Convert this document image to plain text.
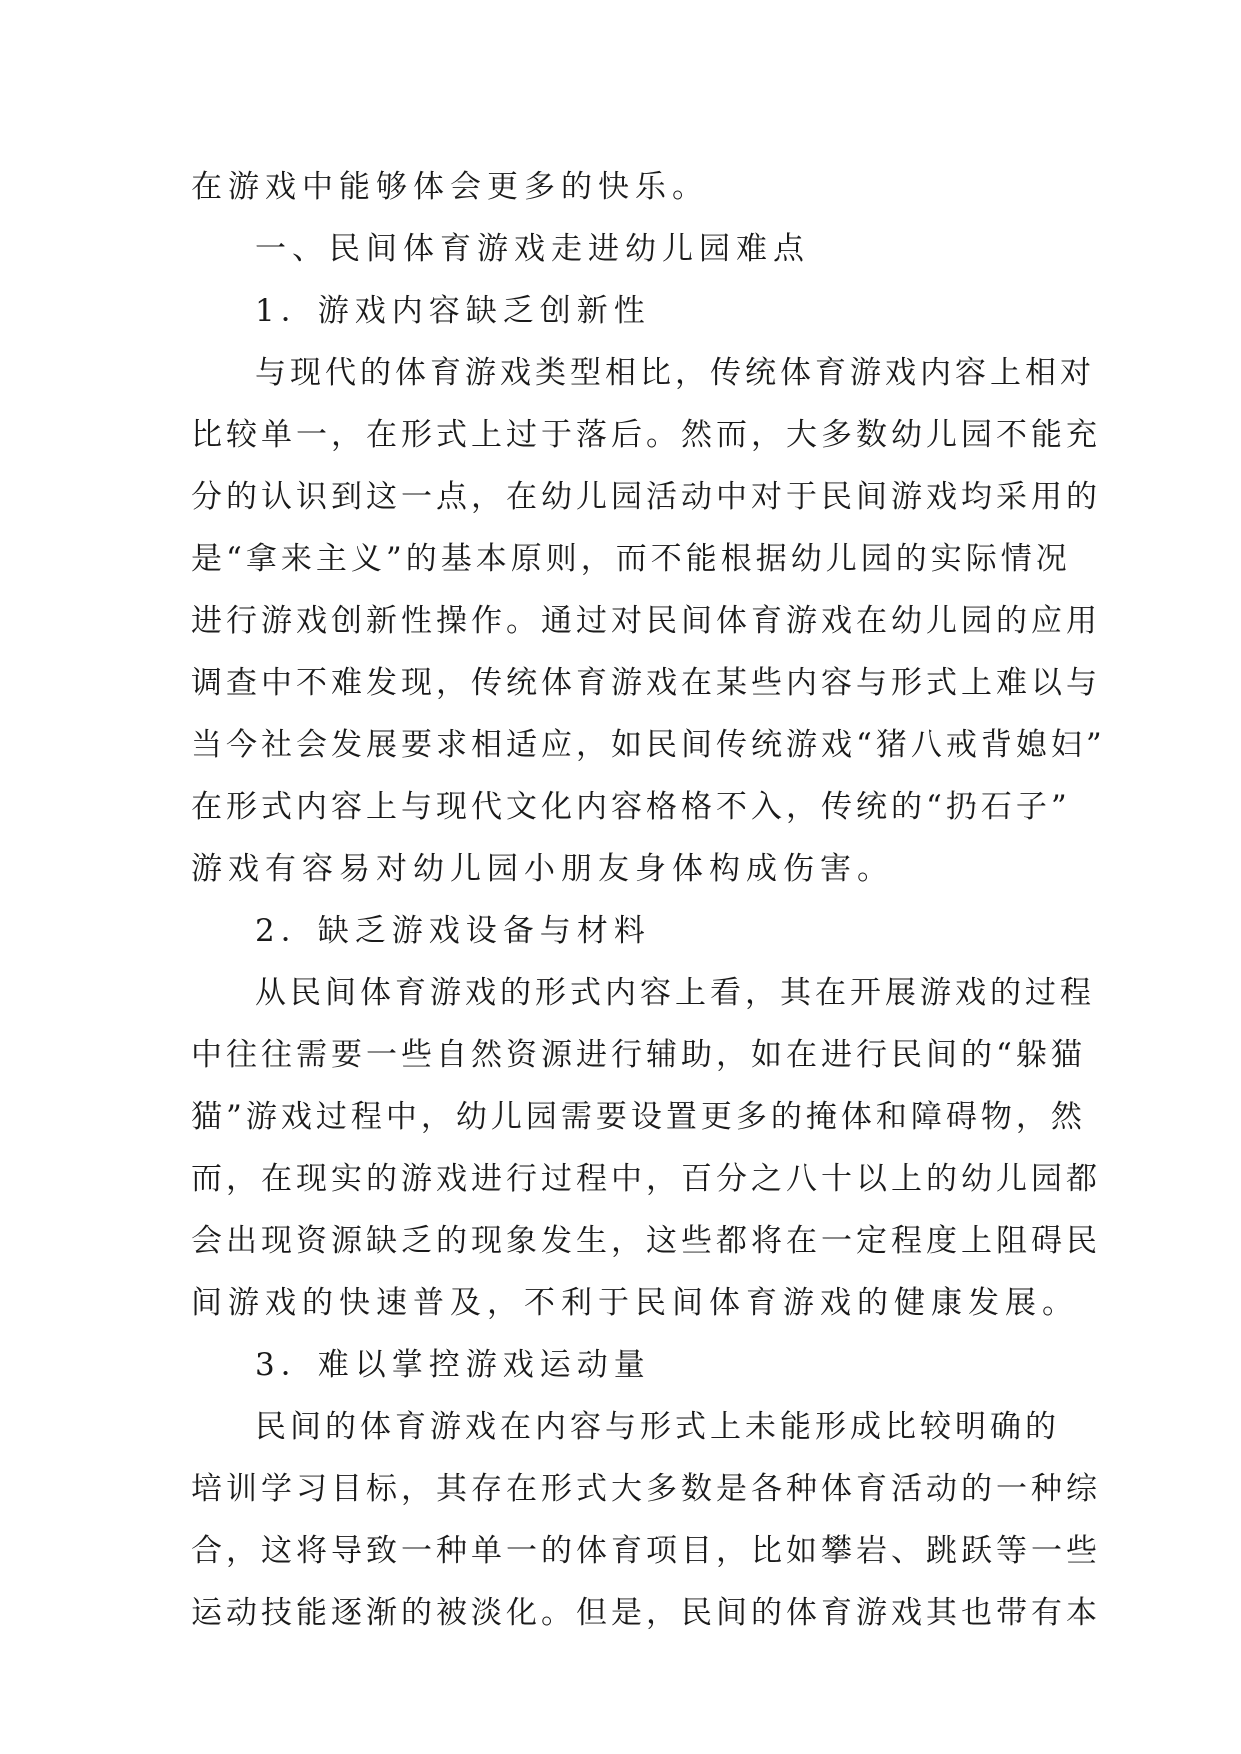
在游戏中能够体会更多的快乐。
一、民间体育游戏走进幼儿园难点
1．游戏内容缺乏创新性
与现代的体育游戏类型相比，传统体育游戏内容上相对
比较单一，在形式上过于落后。然而，大多数幼儿园不能充
分的认识到这一点，在幼儿园活动中对于民间游戏均采用的
是“拿来主义”的基本原则，而不能根据幼儿园的实际情况
进行游戏创新性操作。通过对民间体育游戏在幼儿园的应用
调查中不难发现，传统体育游戏在某些内容与形式上难以与
当今社会发展要求相适应，如民间传统游戏“猪八戒背媳妇”
在形式内容上与现代文化内容格格不入，传统的“扔石子”
游戏有容易对幼儿园小朋友身体构成伤害。
2．缺乏游戏设备与材料
从民间体育游戏的形式内容上看，其在开展游戏的过程
中往往需要一些自然资源进行辅助，如在进行民间的“躲猫
猫”游戏过程中，幼儿园需要设置更多的掩体和障碍物，然
而，在现实的游戏进行过程中，百分之八十以上的幼儿园都
会出现资源缺乏的现象发生，这些都将在一定程度上阻碍民
间游戏的快速普及，不利于民间体育游戏的健康发展。
3．难以掌控游戏运动量
民间的体育游戏在内容与形式上未能形成比较明确的
培训学习目标，其存在形式大多数是各种体育活动的一种综
合，这将导致一种单一的体育项目，比如攀岩、跳跃等一些
运动技能逐渐的被淡化。但是，民间的体育游戏其也带有本
